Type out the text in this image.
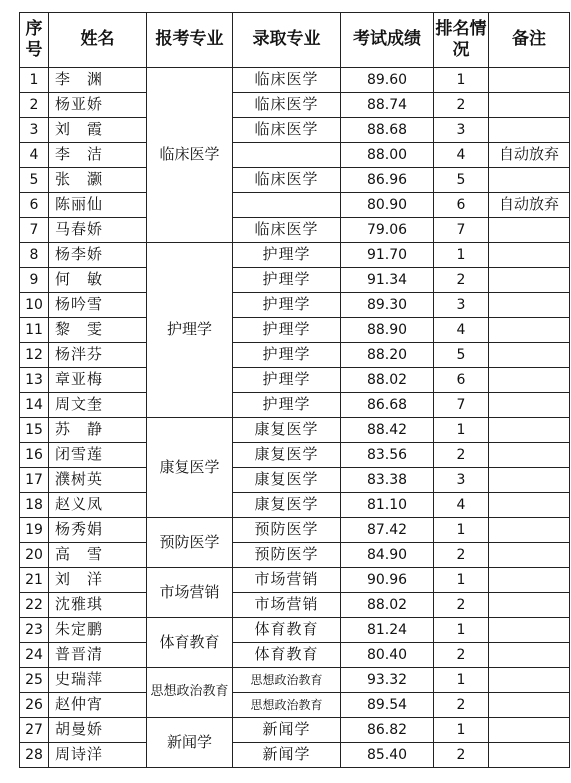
序号	姓名	报考专业	录取专业	考试成绩	排名情况	备注
1	李　渊	临床医学	临床医学	89.60	1	
2	杨亚娇		临床医学	88.74	2	
3	刘　霞		临床医学	88.68	3	
4	李　洁			88.00	4	自动放弃
5	张　灏		临床医学	86.96	5	
6	陈丽仙			80.90	6	自动放弃
7	马春娇		临床医学	79.06	7	
8	杨李娇	护理学	护理学	91.70	1	
9	何　敏		护理学	91.34	2	
10	杨吟雪		护理学	89.30	3	
11	黎　雯		护理学	88.90	4	
12	杨泮芬		护理学	88.20	5	
13	章亚梅		护理学	88.02	6	
14	周文奎		护理学	86.68	7	
15	苏　静	康复医学	康复医学	88.42	1	
16	闭雪莲		康复医学	83.56	2	
17	濮树英		康复医学	83.38	3	
18	赵义凤		康复医学	81.10	4	
19	杨秀娟	预防医学	预防医学	87.42	1	
20	高　雪		预防医学	84.90	2	
21	刘　洋	市场营销	市场营销	90.96	1	
22	沈雅琪		市场营销	88.02	2	
23	朱定鹏	体育教育	体育教育	81.24	1	
24	普晋清		体育教育	80.40	2	
25	史瑞萍	思想政治教育	思想政治教育	93.32	1	
26	赵仲宵		思想政治教育	89.54	2	
27	胡曼娇	新闻学	新闻学	86.82	1	
28	周诗洋		新闻学	85.40	2	
